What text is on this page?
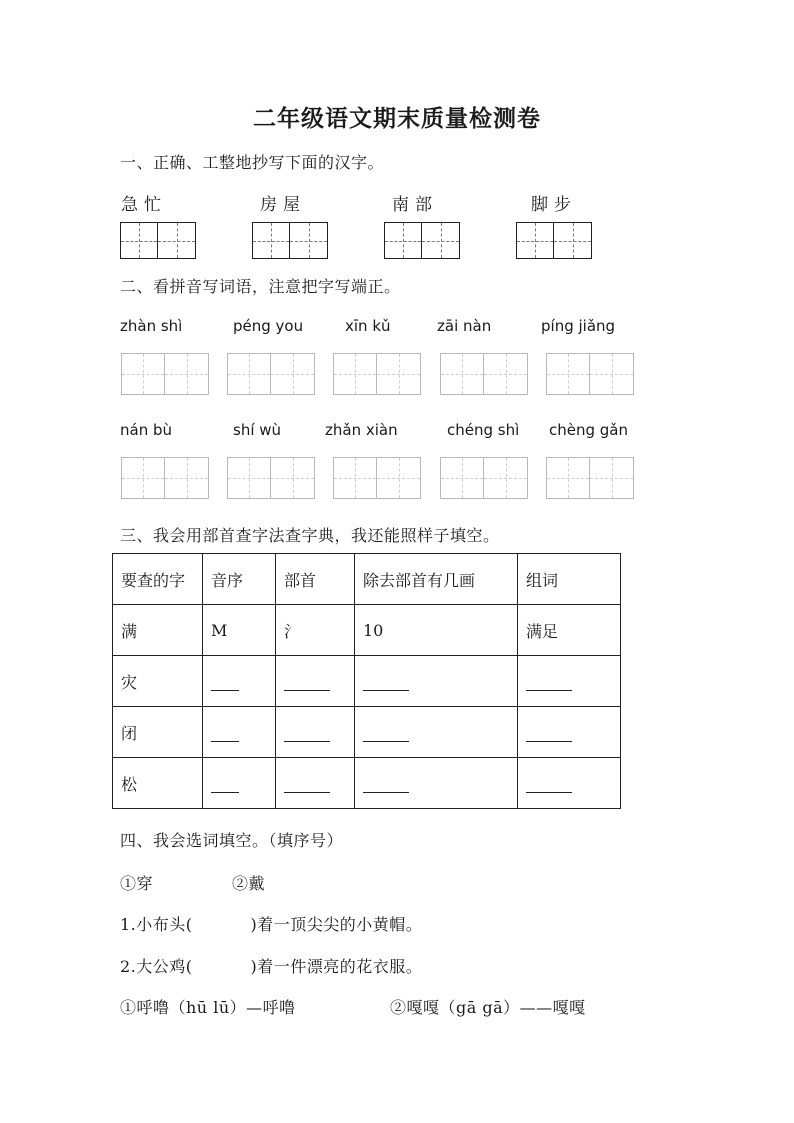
二年级语文期末质量检测卷
一、正确、工整地抄写下面的汉字。
急忙	房屋	南部	脚步
二、看拼音写词语，注意把字写端正。
zhàn shì	péng you	xīn kǔ	zāi nàn	píng jiǎng
nán bù	shí wù	zhǎn xiàn	chéng shì chèng gǎn
三、我会用部首查字法查字典，我还能照样子填空。
要查的字	音序	部首	除去部首有几画	组词
满	M	氵	10	满足
灾				
闭				
松				
四、我会选词填空。（填序号）
①穿	②戴
1.小布头(	)着一顶尖尖的小黄帽。
2.大公鸡(	)着一件漂亮的花衣服。
①呼噜（hū lū）—呼噜	②嘎嘎（gā gā）——嘎嘎
